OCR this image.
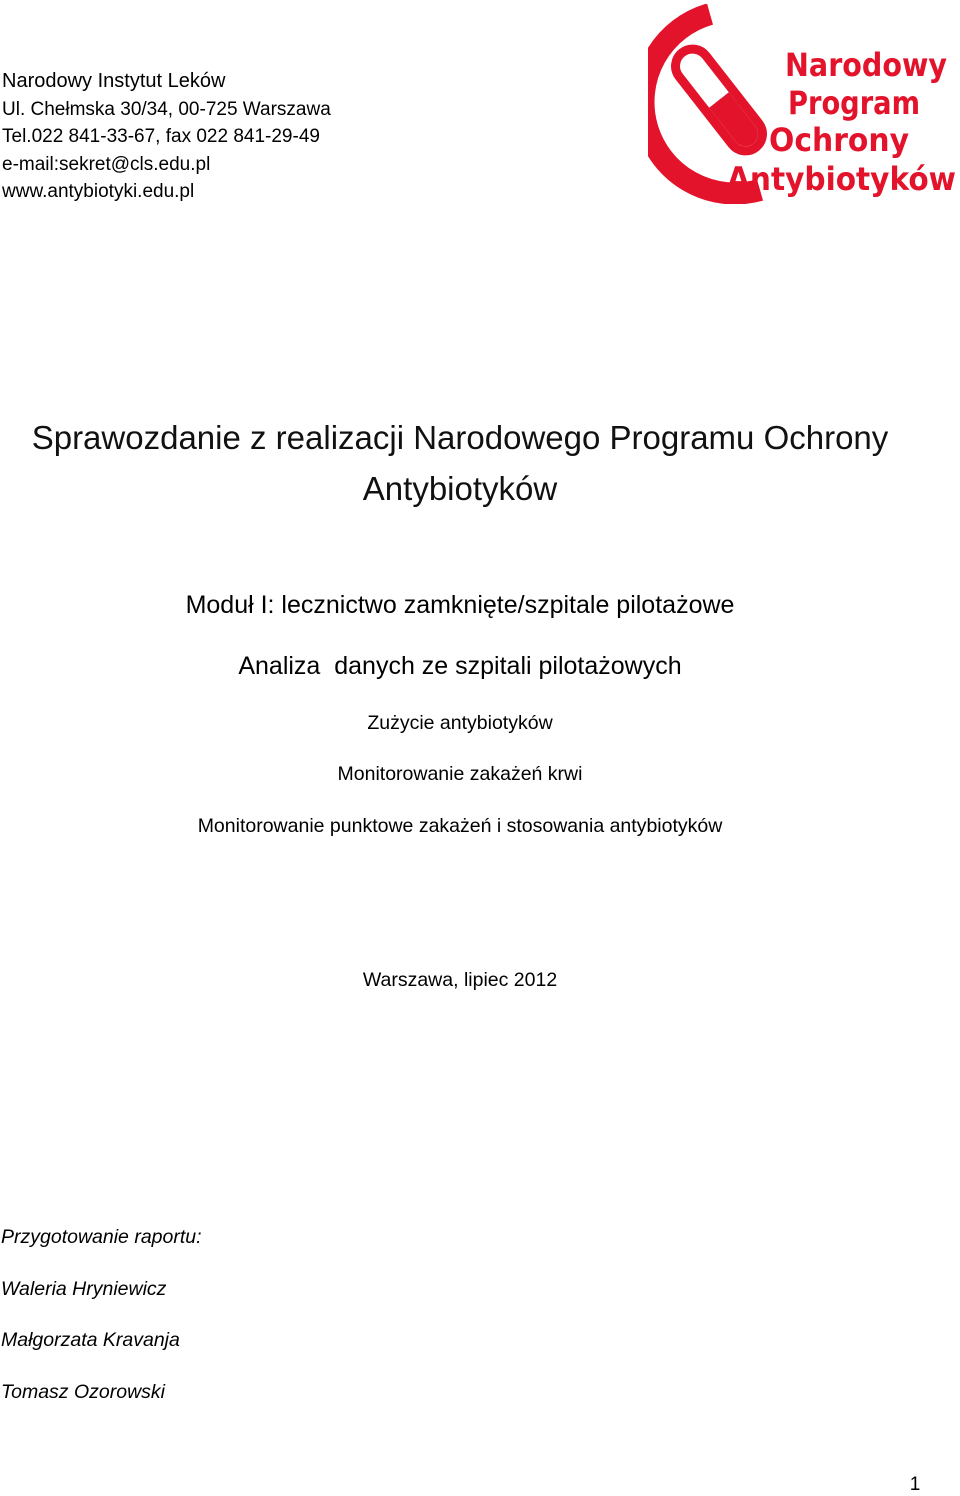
Narodowy Instytut Leków
Ul. Chełmska 30/34, 00-725 Warszawa
Tel.022 841-33-67, fax 022 841-29-49
e-mail:sekret@cls.edu.pl
www.antybiotyki.edu.pl
Narodowy
Program
Ochrony
Antybiotyków
Sprawozdanie z realizacji Narodowego Programu Ochrony
Antybiotyków
Moduł I: lecznictwo zamknięte/szpitale pilotażowe
Analiza  danych ze szpitali pilotażowych
Zużycie antybiotyków
Monitorowanie zakażeń krwi
Monitorowanie punktowe zakażeń i stosowania antybiotyków
Warszawa, lipiec 2012
Przygotowanie raportu:
Waleria Hryniewicz
Małgorzata Kravanja
Tomasz Ozorowski
1
